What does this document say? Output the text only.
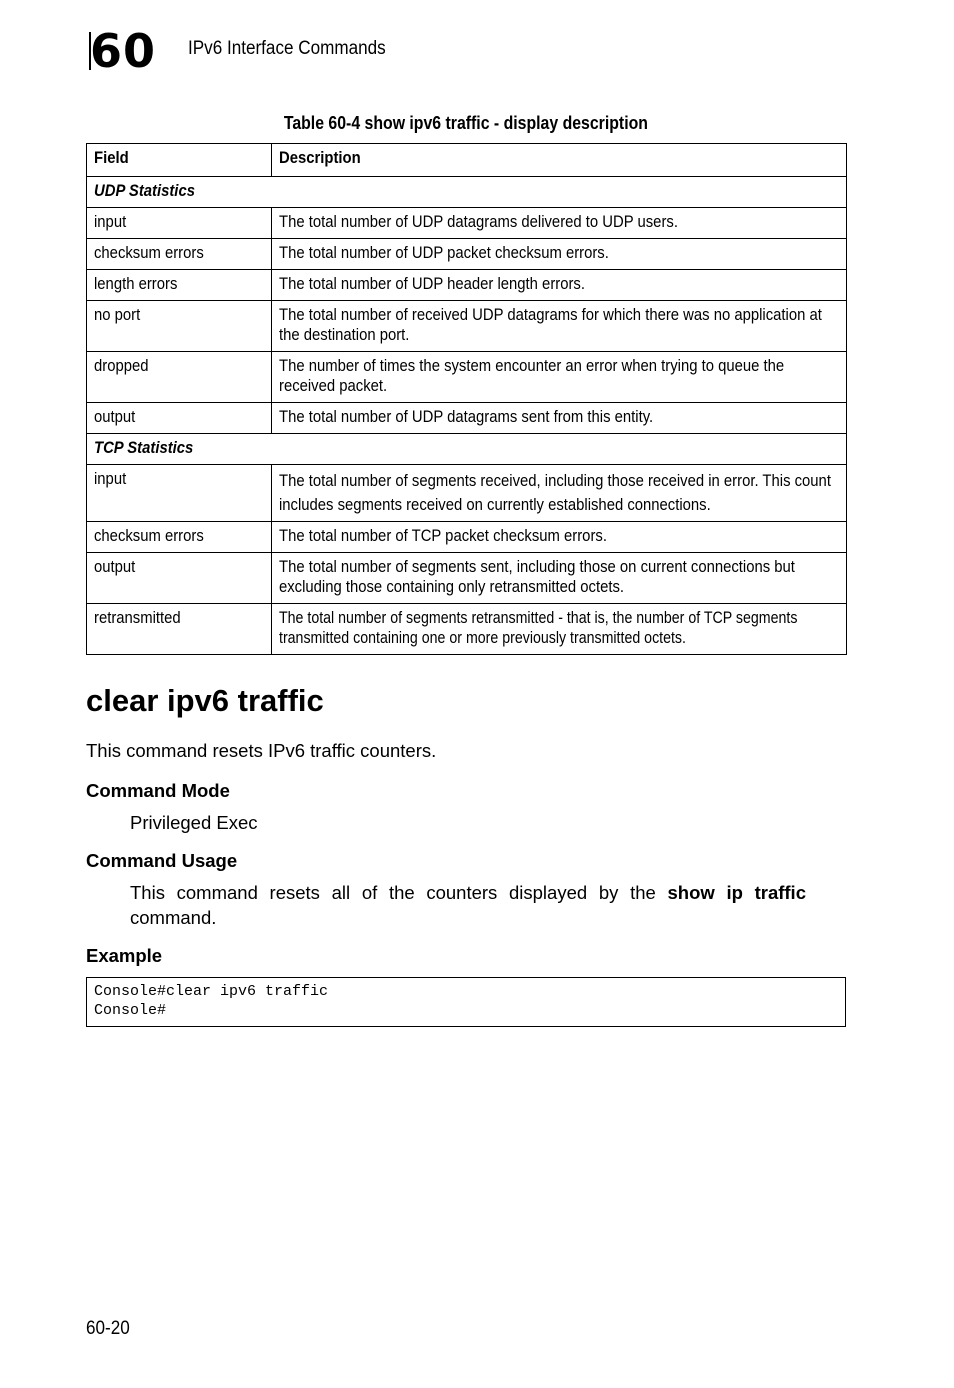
60 IPv6 Interface Commands
Table 60-4 show ipv6 traffic - display description
Field	Description
UDP Statistics	
input	The total number of UDP datagrams delivered to UDP users.
checksum errors	The total number of UDP packet checksum errors.
length errors	The total number of UDP header length errors.
no port	The total number of received UDP datagrams for which there was no application at the destination port.
dropped	The number of times the system encounter an error when trying to queue the received packet.
output	The total number of UDP datagrams sent from this entity.
TCP Statistics	
input	The total number of segments received, including those received in error. This count includes segments received on currently established connections.
checksum errors	The total number of TCP packet checksum errors.
output	The total number of segments sent, including those on current connections but excluding those containing only retransmitted octets.
retransmitted	The total number of segments retransmitted - that is, the number of TCP segments transmitted containing one or more previously transmitted octets.
clear ipv6 traffic
This command resets IPv6 traffic counters.
Command Mode
Privileged Exec
Command Usage
This command resets all of the counters displayed by the show ip traffic command.
Example
Console#clear ipv6 traffic
Console#
60-20
